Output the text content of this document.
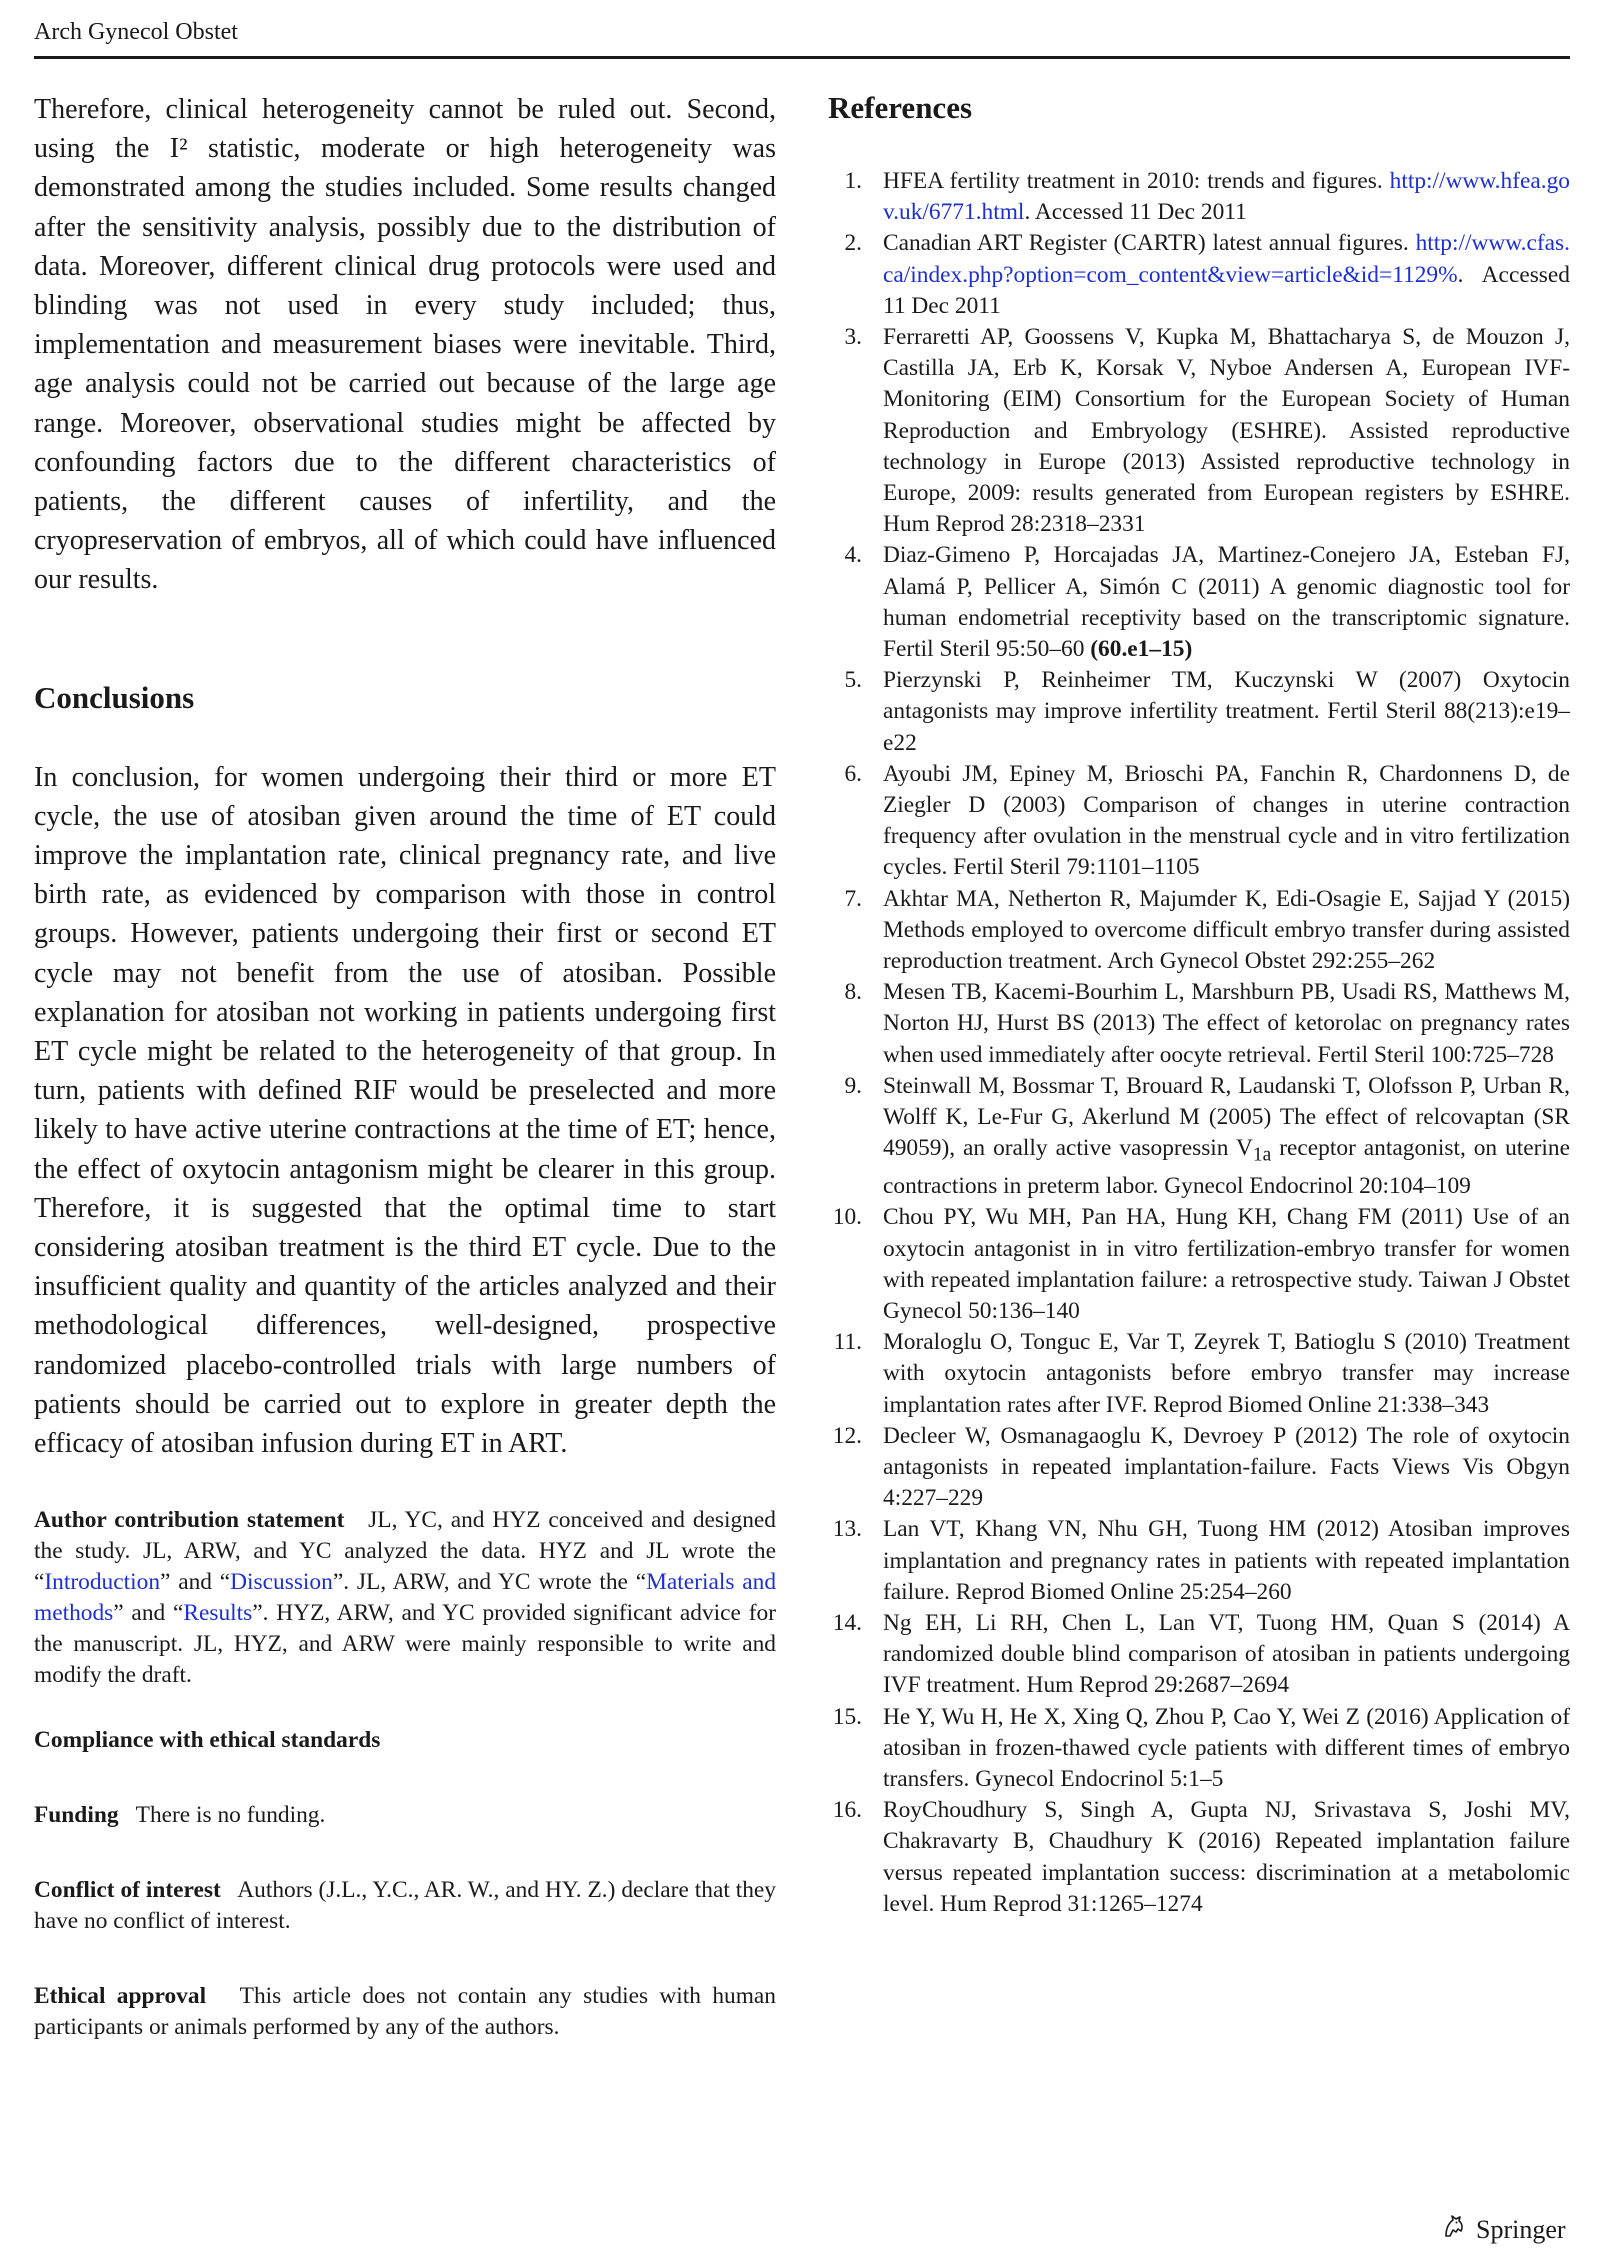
Arch Gynecol Obstet

Therefore, clinical heterogeneity cannot be ruled out. Second, using the I² statistic, moderate or high heterogeneity was demonstrated among the studies included. Some results changed after the sensitivity analysis, possibly due to the distribution of data. Moreover, different clinical drug protocols were used and blinding was not used in every study included; thus, implementation and measurement biases were inevitable. Third, age analysis could not be carried out because of the large age range. Moreover, observational studies might be affected by confounding factors due to the different characteristics of patients, the different causes of infertility, and the cryopreservation of embryos, all of which could have influenced our results.

Conclusions

In conclusion, for women undergoing their third or more ET cycle, the use of atosiban given around the time of ET could improve the implantation rate, clinical pregnancy rate, and live birth rate, as evidenced by comparison with those in control groups. However, patients undergoing their first or second ET cycle may not benefit from the use of atosiban. Possible explanation for atosiban not working in patients undergoing first ET cycle might be related to the heterogeneity of that group. In turn, patients with defined RIF would be preselected and more likely to have active uterine contractions at the time of ET; hence, the effect of oxytocin antagonism might be clearer in this group. Therefore, it is suggested that the optimal time to start considering atosiban treatment is the third ET cycle. Due to the insufficient quality and quantity of the articles analyzed and their methodological differences, well-designed, prospective randomized placebo-controlled trials with large numbers of patients should be carried out to explore in greater depth the efficacy of atosiban infusion during ET in ART.

Author contribution statement JL, YC, and HYZ conceived and designed the study. JL, ARW, and YC analyzed the data. HYZ and JL wrote the “Introduction” and “Discussion”. JL, ARW, and YC wrote the “Materials and methods” and “Results”. HYZ, ARW, and YC provided significant advice for the manuscript. JL, HYZ, and ARW were mainly responsible to write and modify the draft.

Compliance with ethical standards

Funding There is no funding.

Conflict of interest Authors (J.L., Y.C., AR. W., and HY. Z.) declare that they have no conflict of interest.

Ethical approval This article does not contain any studies with human participants or animals performed by any of the authors.

References
1. HFEA fertility treatment in 2010: trends and figures. http://www.hfea.gov.uk/6771.html. Accessed 11 Dec 2011
2. Canadian ART Register (CARTR) latest annual figures. http://www.cfas.ca/index.php?option=com_content&view=article&id=1129%. Accessed 11 Dec 2011
3. Ferraretti AP, Goossens V, Kupka M, Bhattacharya S, de Mouzon J, Castilla JA, Erb K, Korsak V, Nyboe Andersen A, European IVF-Monitoring (EIM) Consortium for the European Society of Human Reproduction and Embryology (ESHRE). Assisted reproductive technology in Europe (2013) Assisted reproductive technology in Europe, 2009: results generated from European registers by ESHRE. Hum Reprod 28:2318–2331
4. Diaz-Gimeno P, Horcajadas JA, Martinez-Conejero JA, Esteban FJ, Alamá P, Pellicer A, Simón C (2011) A genomic diagnostic tool for human endometrial receptivity based on the transcriptomic signature. Fertil Steril 95:50–60 (60.e1–15)
5. Pierzynski P, Reinheimer TM, Kuczynski W (2007) Oxytocin antagonists may improve infertility treatment. Fertil Steril 88(213):e19–e22
6. Ayoubi JM, Epiney M, Brioschi PA, Fanchin R, Chardonnens D, de Ziegler D (2003) Comparison of changes in uterine contraction frequency after ovulation in the menstrual cycle and in vitro fertilization cycles. Fertil Steril 79:1101–1105
7. Akhtar MA, Netherton R, Majumder K, Edi-Osagie E, Sajjad Y (2015) Methods employed to overcome difficult embryo transfer during assisted reproduction treatment. Arch Gynecol Obstet 292:255–262
8. Mesen TB, Kacemi-Bourhim L, Marshburn PB, Usadi RS, Matthews M, Norton HJ, Hurst BS (2013) The effect of ketorolac on pregnancy rates when used immediately after oocyte retrieval. Fertil Steril 100:725–728
9. Steinwall M, Bossmar T, Brouard R, Laudanski T, Olofsson P, Urban R, Wolff K, Le-Fur G, Akerlund M (2005) The effect of relcovaptan (SR 49059), an orally active vasopressin $V_{1a}$ receptor antagonist, on uterine contractions in preterm labor. Gynecol Endocrinol 20:104–109
10. Chou PY, Wu MH, Pan HA, Hung KH, Chang FM (2011) Use of an oxytocin antagonist in in vitro fertilization-embryo transfer for women with repeated implantation failure: a retrospective study. Taiwan J Obstet Gynecol 50:136–140
11. Moraloglu O, Tonguc E, Var T, Zeyrek T, Batioglu S (2010) Treatment with oxytocin antagonists before embryo transfer may increase implantation rates after IVF. Reprod Biomed Online 21:338–343
12. Decleer W, Osmanagaoglu K, Devroey P (2012) The role of oxytocin antagonists in repeated implantation-failure. Facts Views Vis Obgyn 4:227–229
13. Lan VT, Khang VN, Nhu GH, Tuong HM (2012) Atosiban improves implantation and pregnancy rates in patients with repeated implantation failure. Reprod Biomed Online 25:254–260
14. Ng EH, Li RH, Chen L, Lan VT, Tuong HM, Quan S (2014) A randomized double blind comparison of atosiban in patients undergoing IVF treatment. Hum Reprod 29:2687–2694
15. He Y, Wu H, He X, Xing Q, Zhou P, Cao Y, Wei Z (2016) Application of atosiban in frozen-thawed cycle patients with different times of embryo transfers. Gynecol Endocrinol 5:1–5
16. RoyChoudhury S, Singh A, Gupta NJ, Srivastava S, Joshi MV, Chakravarty B, Chaudhury K (2016) Repeated implantation failure versus repeated implantation success: discrimination at a metabolomic level. Hum Reprod 31:1265–1274
Springer
